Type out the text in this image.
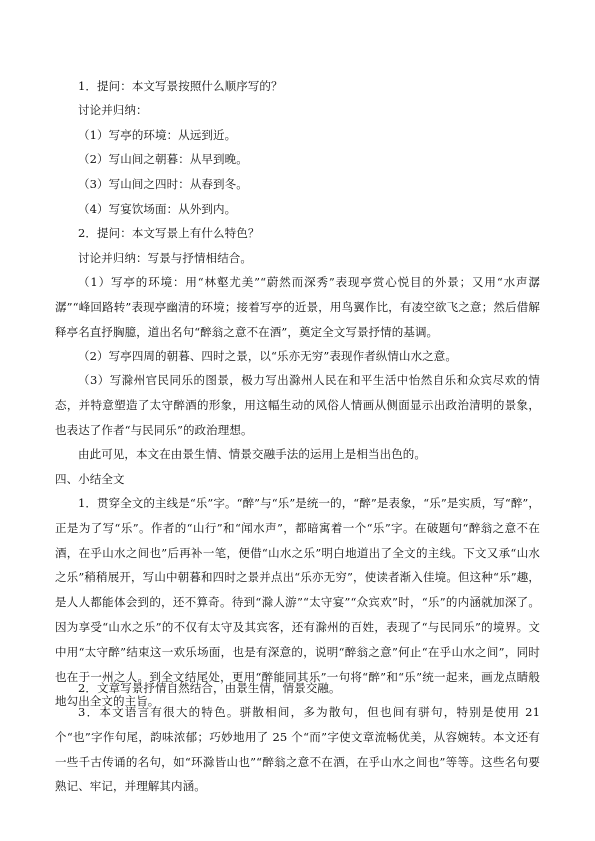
1．提问：本文写景按照什么顺序写的？
讨论并归纳：
（1）写亭的环境：从远到近。
（2）写山间之朝暮：从早到晚。
（3）写山间之四时：从春到冬。
（4）写宴饮场面：从外到内。
2．提问：本文写景上有什么特色？
讨论并归纳：写景与抒情相结合。
（1）写亭的环境：用“林壑尤美”“蔚然而深秀”表现亭赏心悦目的外景；又用“水声潺潺”“峰回路转”表现亭幽清的环境；接着写亭的近景，用鸟翼作比，有凌空欲飞之意；然后借解释亭名直抒胸臆，道出名句“醉翁之意不在酒”，奠定全文写景抒情的基调。
（2）写亭四周的朝暮、四时之景，以“乐亦无穷”表现作者纵情山水之意。
（3）写滁州官民同乐的图景，极力写出滁州人民在和平生活中怡然自乐和众宾尽欢的情态，并特意塑造了太守醉酒的形象，用这幅生动的风俗人情画从侧面显示出政治清明的景象，也表达了作者“与民同乐”的政治理想。
由此可见，本文在由景生情、情景交融手法的运用上是相当出色的。
四、小结全文
1．贯穿全文的主线是“乐”字。“醉”与“乐”是统一的，“醉”是表象，“乐”是实质，写“醉”，正是为了写“乐”。作者的“山行”和“闻水声”，都暗寓着一个“乐”字。在破题句“醉翁之意不在酒，在乎山水之间也”后再补一笔，便借“山水之乐”明白地道出了全文的主线。下文又承“山水之乐”稍稍展开，写山中朝暮和四时之景并点出“乐亦无穷”，使读者渐入佳境。但这种“乐”趣，是人人都能体会到的，还不算奇。待到“滁人游”“太守宴”“众宾欢”时，“乐”的内涵就加深了。因为享受“山水之乐”的不仅有太守及其宾客，还有滁州的百姓，表现了“与民同乐”的境界。文中用“太守醉”结束这一欢乐场面，也是有深意的，说明“醉翁之意”何止“在乎山水之间”，同时也在于一州之人。到全文结尾处，更用“醉能同其乐”一句将“醉”和“乐”统一起来，画龙点睛般地勾出全文的主旨。
2．文章写景抒情自然结合，由景生情，情景交融。
3．本文语言有很大的特色。骈散相间，多为散句，但也间有骈句，特别是使用 21 个“也”字作句尾，韵味浓郁；巧妙地用了 25 个“而”字使文章流畅优美，从容婉转。本文还有一些千古传诵的名句，如“环滁皆山也”“醉翁之意不在酒，在乎山水之间也”等等。这些名句要熟记、牢记，并理解其内涵。
